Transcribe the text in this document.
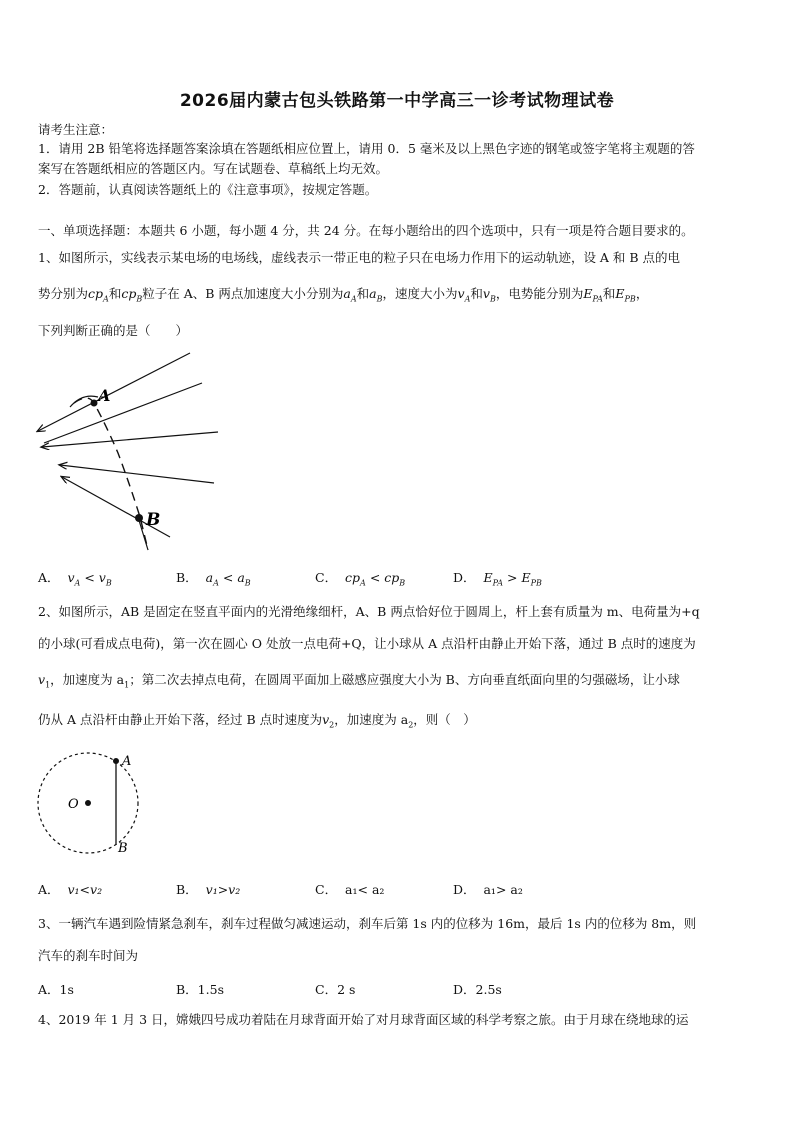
2026届内蒙古包头铁路第一中学高三一诊考试物理试卷
请考生注意：
1．请用 2B 铅笔将选择题答案涂填在答题纸相应位置上，请用 0．5 毫米及以上黑色字迹的钢笔或签字笔将主观题的答
案写在答题纸相应的答题区内。写在试题卷、草稿纸上均无效。
2．答题前，认真阅读答题纸上的《注意事项》，按规定答题。
一、单项选择题：本题共 6 小题，每小题 4 分，共 24 分。在每小题给出的四个选项中，只有一项是符合题目要求的。
1、如图所示，实线表示某电场的电场线，虚线表示一带正电的粒子只在电场力作用下的运动轨迹，设 A 和 B 点的电
势分别为$cp_A$和$cp_B$粒子在 A、B 两点加速度大小分别为$a_A$和$a_B$，速度大小为$v_A$和$v_B$，电势能分别为$E_{PA}$和$E_{PB}$，
下列判断正确的是（　　）
A
B
A． $v_A < v_B$	B． $a_A < a_B$	C． $cp_A < cp_B$	D． $E_{PA} > E_{PB}$
2、如图所示，AB 是固定在竖直平面内的光滑绝缘细杆，A、B 两点恰好位于圆周上，杆上套有质量为 m、电荷量为+q
的小球(可看成点电荷)，第一次在圆心 O 处放一点电荷+Q，让小球从 A 点沿杆由静止开始下落，通过 B 点时的速度为
$v_1$，加速度为 $a_1$；第二次去掉点电荷，在圆周平面加上磁感应强度大小为 B、方向垂直纸面向里的匀强磁场，让小球
仍从 A 点沿杆由静止开始下落，经过 B 点时速度为$v_2$，加速度为 $a_2$，则（　）
O
A
B
A． v₁<v₂	B． v₁>v₂	C． a₁< a₂	D． a₁> a₂
3、一辆汽车遇到险情紧急刹车，刹车过程做匀减速运动，刹车后第 1s 内的位移为 16m，最后 1s 内的位移为 8m，则
汽车的刹车时间为
A．1s	B．1.5s	C．2 s	D．2.5s
4、2019 年 1 月 3 日，嫦娥四号成功着陆在月球背面开始了对月球背面区域的科学考察之旅。由于月球在绕地球的运
